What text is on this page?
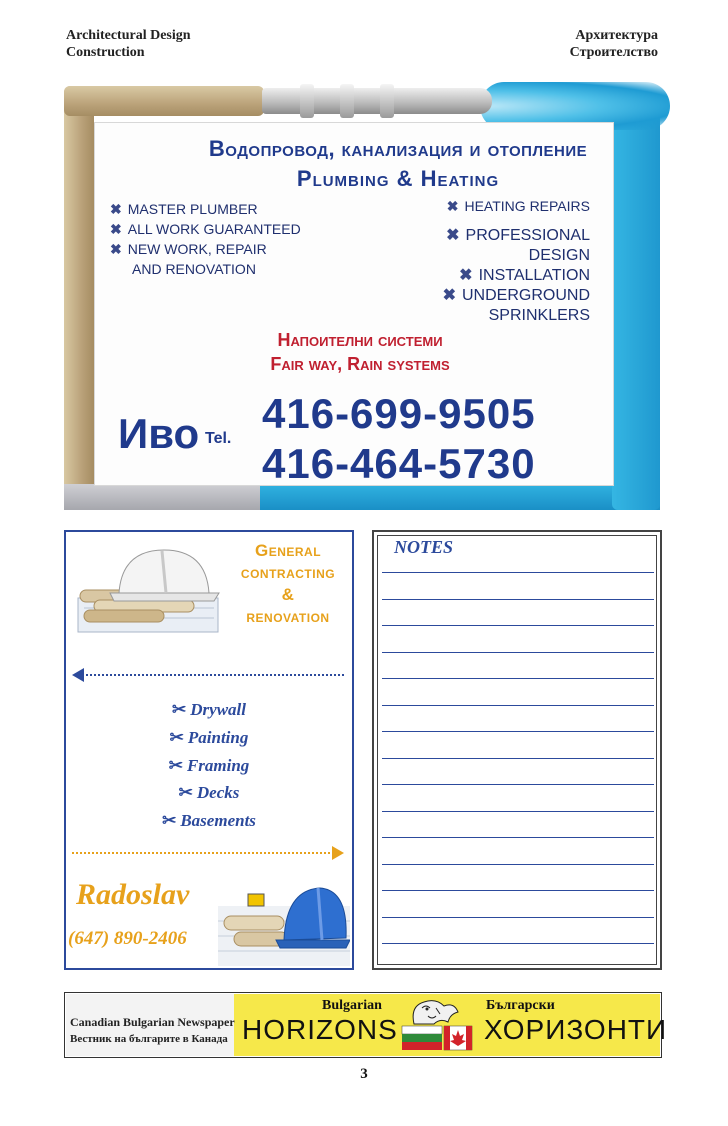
Architectural Design
Construction
Архитектура
Строителство
Водопровод, канализация и отопление
Plumbing & Heating
✖ MASTER PLUMBER
✖ ALL WORK GUARANTEED
✖ NEW WORK, REPAIR
AND RENOVATION
✖ HEATING REPAIRS
✖ PROFESSIONAL
DESIGN
✖ INSTALLATION
✖ UNDERGROUND
SPRINKLERS
Напоителни системи
Fair way, Rain systems
Иво Tel.
416-699-9505
416-464-5730
General
contracting
&
renovation
✂ Drywall
✂ Painting
✂ Framing
✂ Decks
✂ Basements
Radoslav
(647) 890-2406
NOTES
Canadian Bulgarian Newspaper
Вестник на българите в Канада
Bulgarian
HORIZONS
Български
ХОРИЗОНТИ
3
